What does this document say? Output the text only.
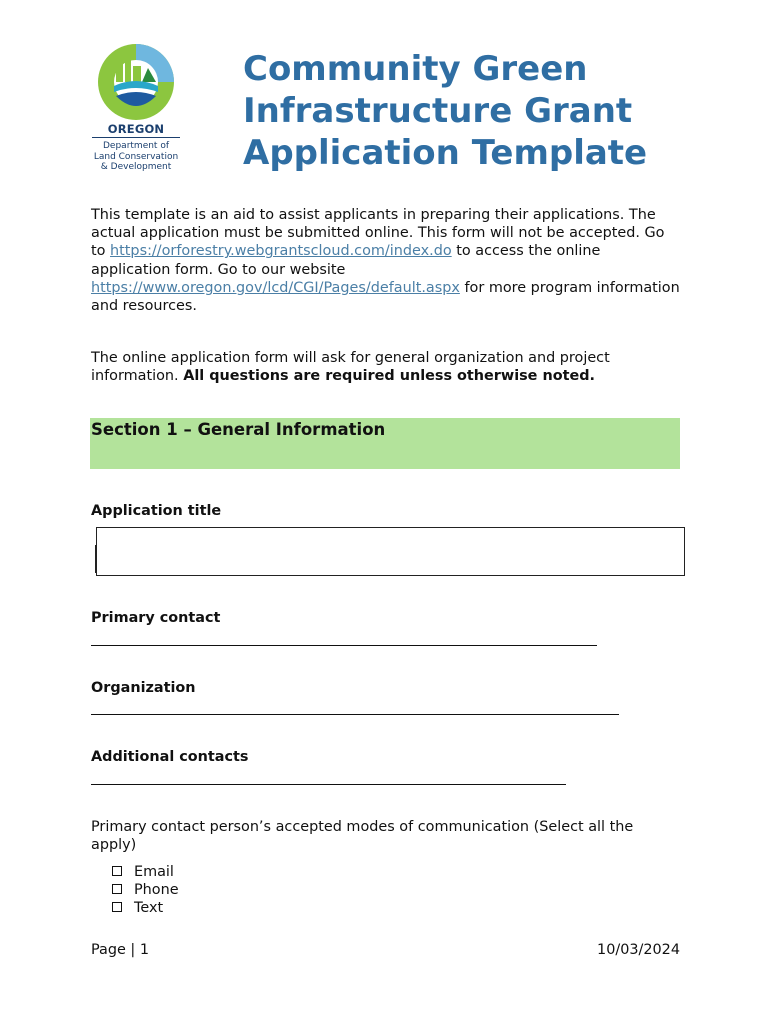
OREGON
Department of
Land Conservation
& Development
Community Green
Infrastructure Grant
Application Template

This template is an aid to assist applicants in preparing their applications. The actual application must be submitted online. This form will not be accepted. Go to https://orforestry.webgrantscloud.com/index.do to access the online application form. Go to our website https://www.oregon.gov/lcd/CGI/Pages/default.aspx for more program information and resources.

The online application form will ask for general organization and project information. All questions are required unless otherwise noted.

Section 1 – General Information
Application title
Primary contact
Organization
Additional contacts

Primary contact person’s accepted modes of communication (Select all the apply)

Email
Phone
Text
Page | 1	10/03/2024
